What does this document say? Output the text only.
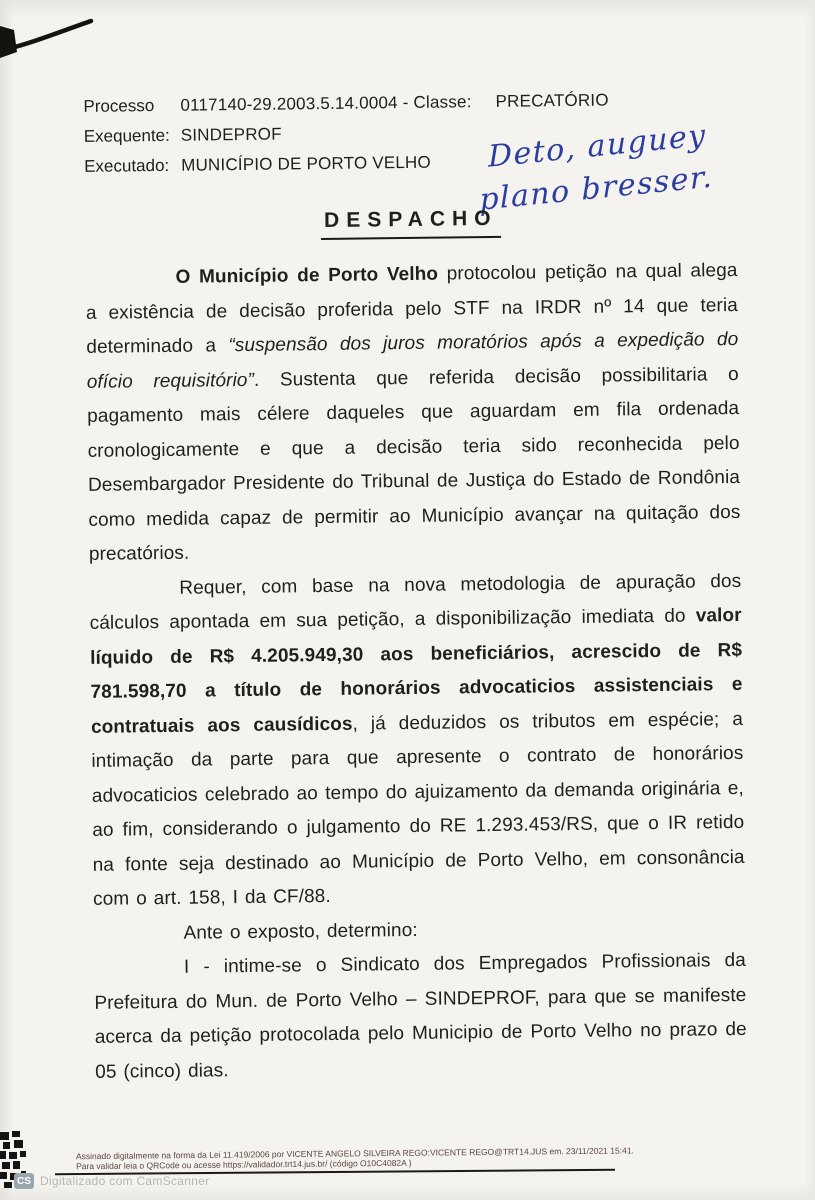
Processo	0117140-29.2003.5.14.0004 - Classe: PRECATÓRIO
Exequente: SINDEPROF
Executado: MUNICÍPIO DE PORTO VELHO Deto, auguey
plano bresser.
DESPACHO

O Município de Porto Velho protocolou petição na qual alega a existência de decisão proferida pelo STF na IRDR nº 14 que teria determinado a “suspensão dos juros moratórios após a expedição do ofício requisitório”. Sustenta que referida decisão possibilitaria o pagamento mais célere daqueles que aguardam em fila ordenada cronologicamente e que a decisão teria sido reconhecida pelo Desembargador Presidente do Tribunal de Justiça do Estado de Rondônia como medida capaz de permitir ao Município avançar na quitação dos precatórios.

Requer, com base na nova metodologia de apuração dos cálculos apontada em sua petição, a disponibilização imediata do valor líquido de R$ 4.205.949,30 aos beneficiários, acrescido de R$ 781.598,70 a título de honorários advocaticios assistenciais e contratuais aos causídicos, já deduzidos os tributos em espécie; a intimação da parte para que apresente o contrato de honorários advocaticios celebrado ao tempo do ajuizamento da demanda originária e, ao fim, considerando o julgamento do RE 1.293.453/RS, que o IR retido na fonte seja destinado ao Município de Porto Velho, em consonância com o art. 158, I da CF/88.

Ante o exposto, determino:

I - intime-se o Sindicato dos Empregados Profissionais da Prefeitura do Mun. de Porto Velho – SINDEPROF, para que se manifeste acerca da petição protocolada pelo Municipio de Porto Velho no prazo de 05 (cinco) dias.

Assinado digitalmente na forma da Lei 11.419/2006 por VICENTE ANGELO SILVEIRA REGO:VICENTE REGO@TRT14.JUS em. 23/11/2021 15:41.
Para validar leia o QRCode ou acesse https://validador.trt14.jus.br/ (código O10C4082A )
CS Digitalizado com CamScanner
